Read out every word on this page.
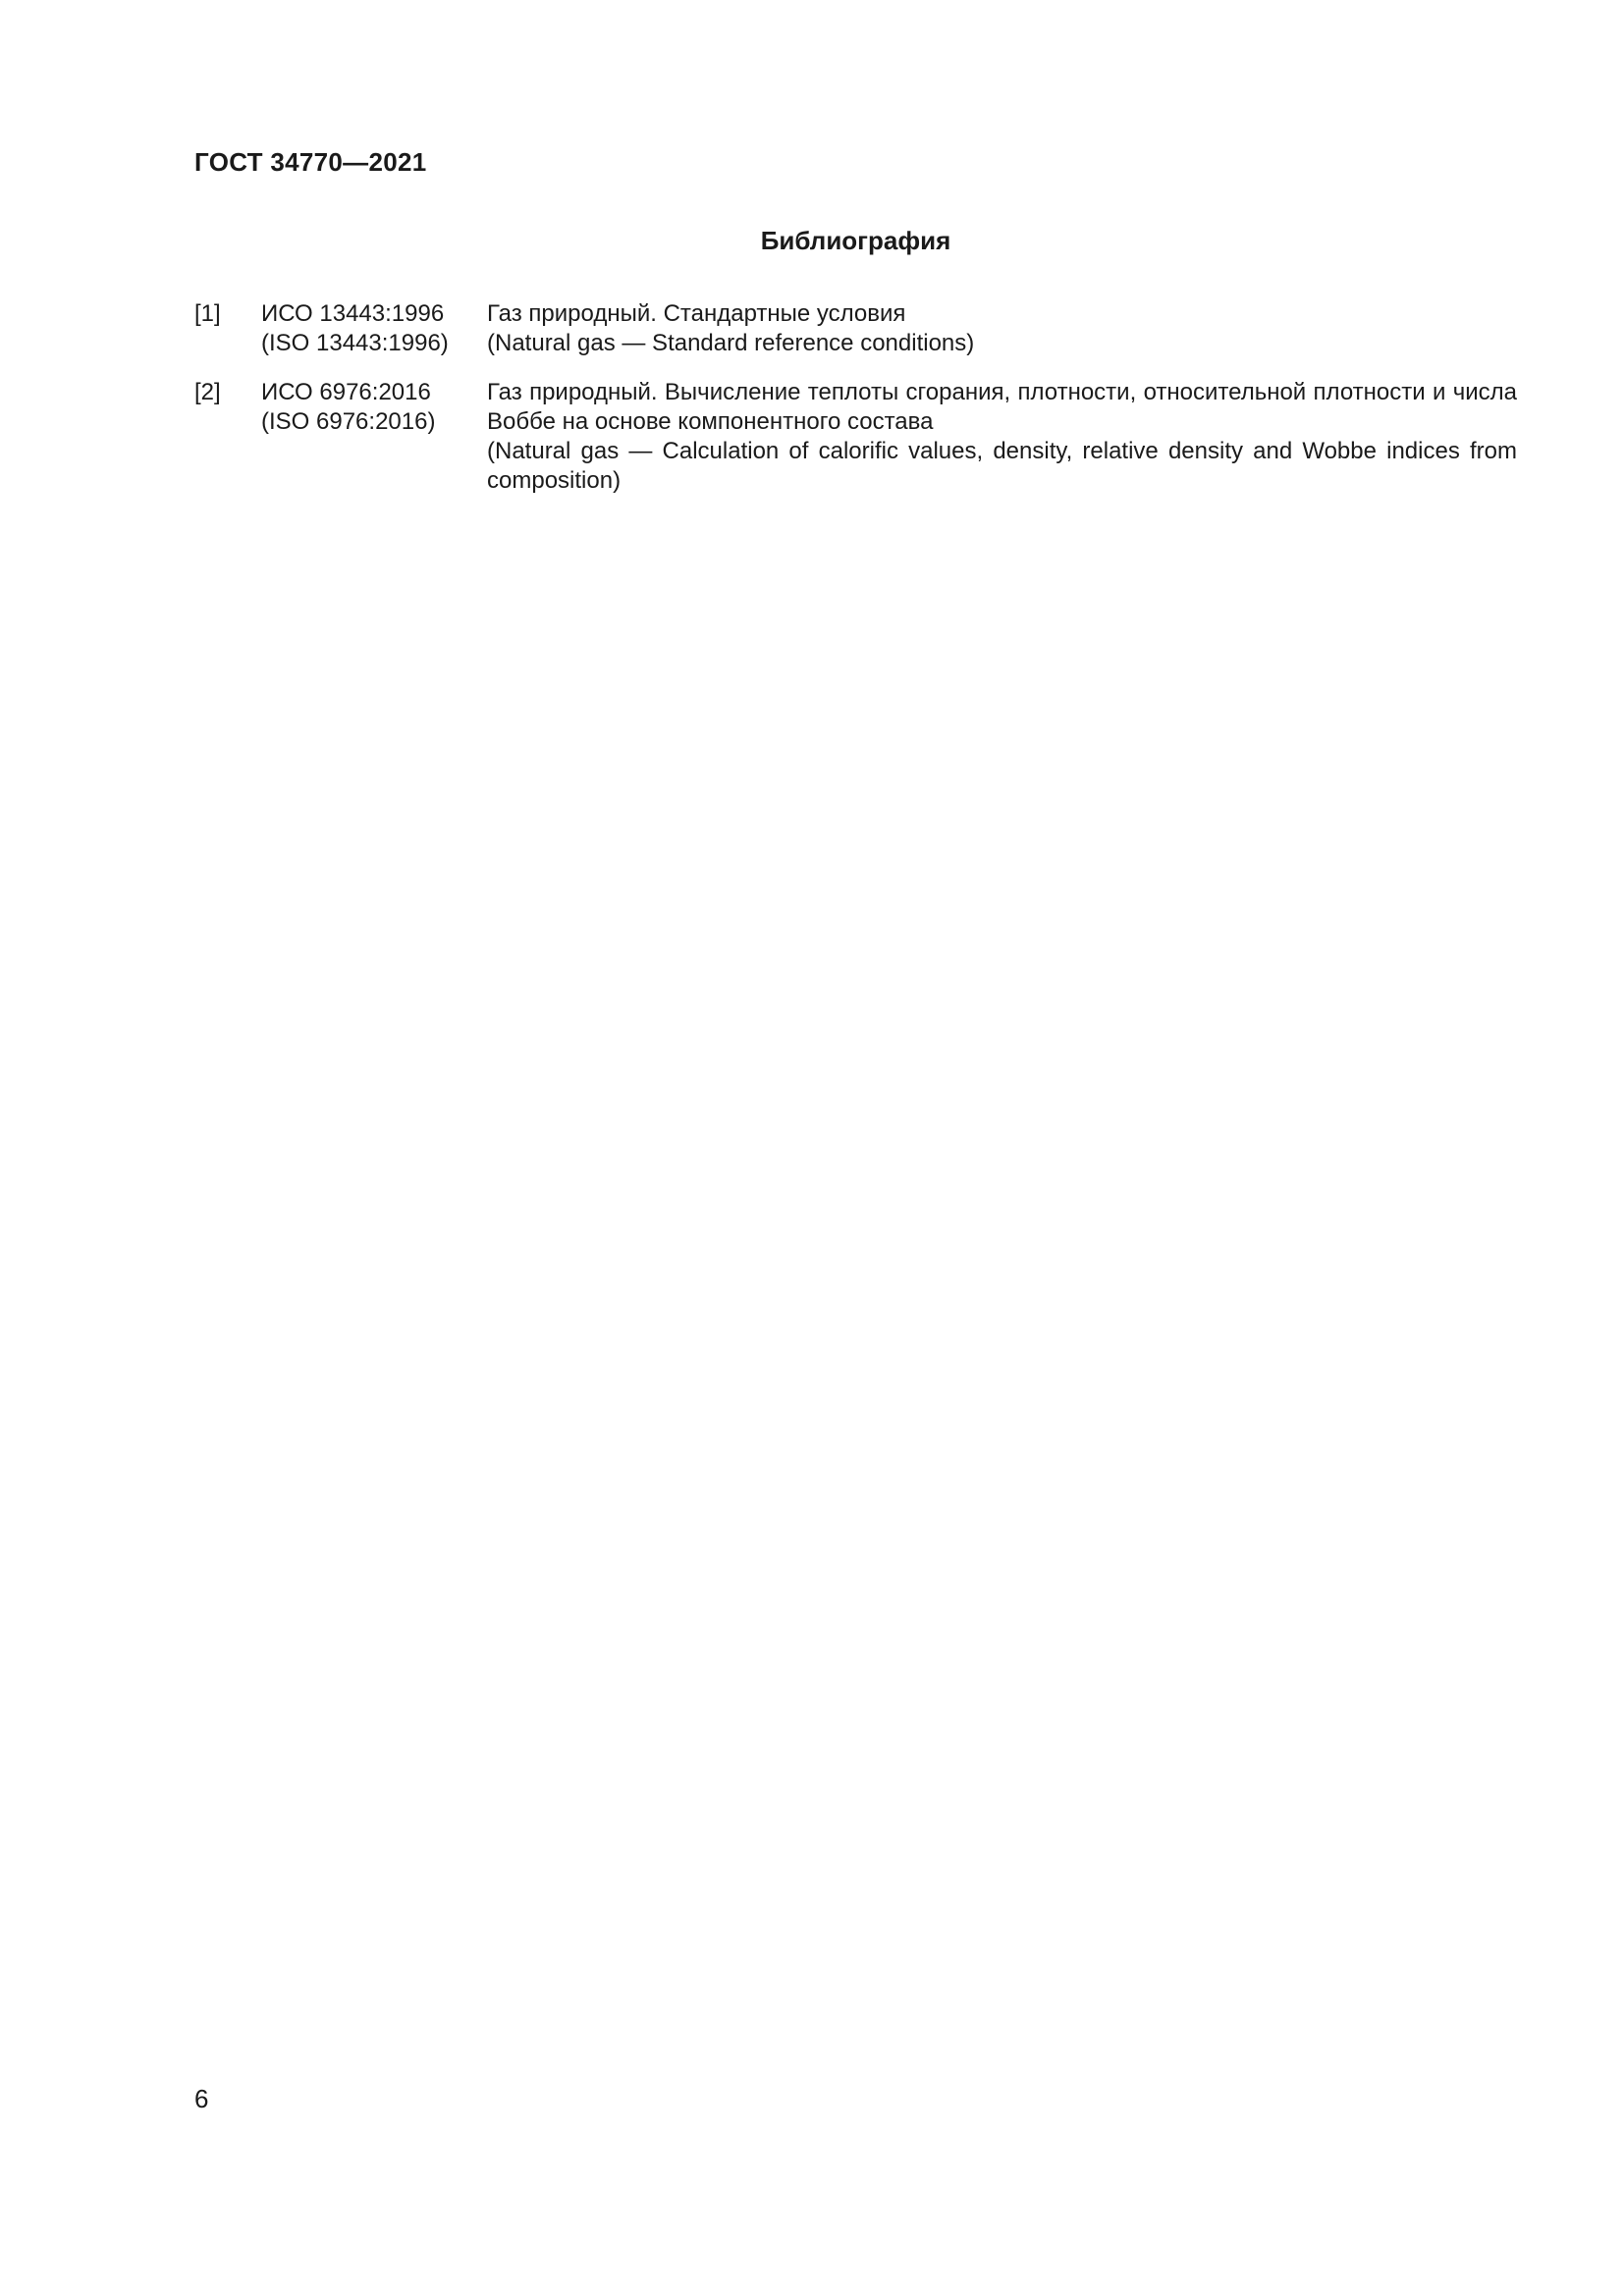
ГОСТ 34770—2021
Библиография
[1]	ИСО 13443:1996
(ISO 13443:1996)
Газ природный. Стандартные условия
(Natural gas — Standard reference conditions)
[2]	ИСО 6976:2016
(ISO 6976:2016)
Газ природный. Вычисление теплоты сгорания, плотности, относительной плотности и числа Воббе на основе компонентного состава
(Natural gas — Calculation of calorific values, density, relative density and Wobbe indices from composition)
6
